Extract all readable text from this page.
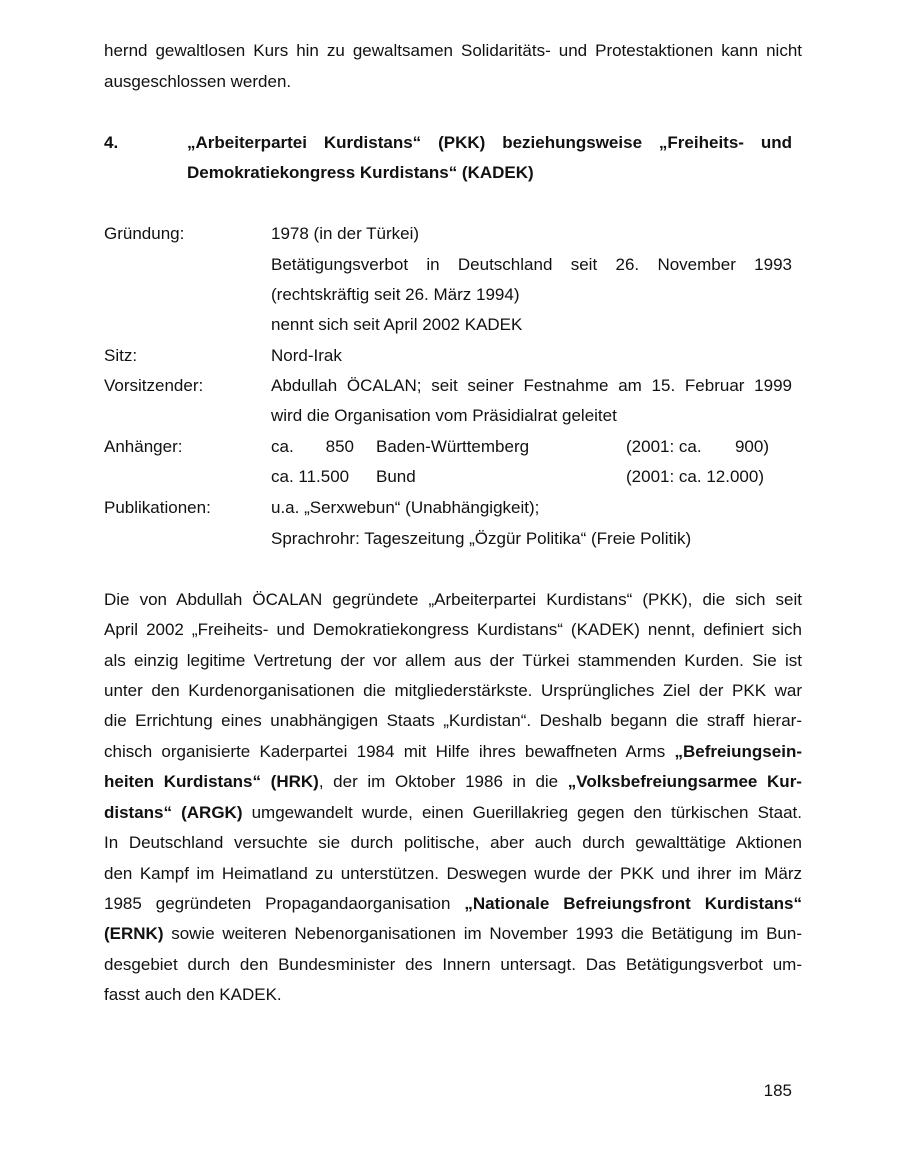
hernd gewaltlosen Kurs hin zu gewaltsamen Solidaritäts- und Protestaktionen kann nicht
ausgeschlossen werden.
4.	„Arbeiterpartei Kurdistans“ (PKK) beziehungsweise „Freiheits- und
Demokratiekongress Kurdistans“ (KADEK)
Gründung:	1978 (in der Türkei)
Betätigungsverbot in Deutschland seit 26. November 1993
(rechtskräftig seit 26. März 1994)
nennt sich seit April 2002 KADEK
Sitz:	Nord-Irak
Vorsitzender:	Abdullah ÖCALAN; seit seiner Festnahme am 15. Februar 1999
wird die Organisation vom Präsidialrat geleitet
Anhänger:	ca.	850 Baden-Württemberg	(2001: ca.	900)
ca. 11.500 Bund	(2001: ca. 12.000)
Publikationen:	u.a. „Serxwebun“ (Unabhängigkeit);
Sprachrohr: Tageszeitung „Özgür Politika“ (Freie Politik)
Die von Abdullah ÖCALAN gegründete „Arbeiterpartei Kurdistans“ (PKK), die sich seit
April 2002 „Freiheits- und Demokratiekongress Kurdistans“ (KADEK) nennt, definiert sich
als einzig legitime Vertretung der vor allem aus der Türkei stammenden Kurden. Sie ist
unter den Kurdenorganisationen die mitgliederstärkste. Ursprüngliches Ziel der PKK war
die Errichtung eines unabhängigen Staats „Kurdistan“. Deshalb begann die straff hierar-
chisch organisierte Kaderpartei 1984 mit Hilfe ihres bewaffneten Arms „Befreiungsein-
heiten Kurdistans“ (HRK), der im Oktober 1986 in die „Volksbefreiungsarmee Kur-
distans“ (ARGK) umgewandelt wurde, einen Guerillakrieg gegen den türkischen Staat.
In Deutschland versuchte sie durch politische, aber auch durch gewalttätige Aktionen
den Kampf im Heimatland zu unterstützen. Deswegen wurde der PKK und ihrer im März
1985 gegründeten Propagandaorganisation „Nationale Befreiungsfront Kurdistans“
(ERNK) sowie weiteren Nebenorganisationen im November 1993 die Betätigung im Bun-
desgebiet durch den Bundesminister des Innern untersagt. Das Betätigungsverbot um-
fasst auch den KADEK.
185
